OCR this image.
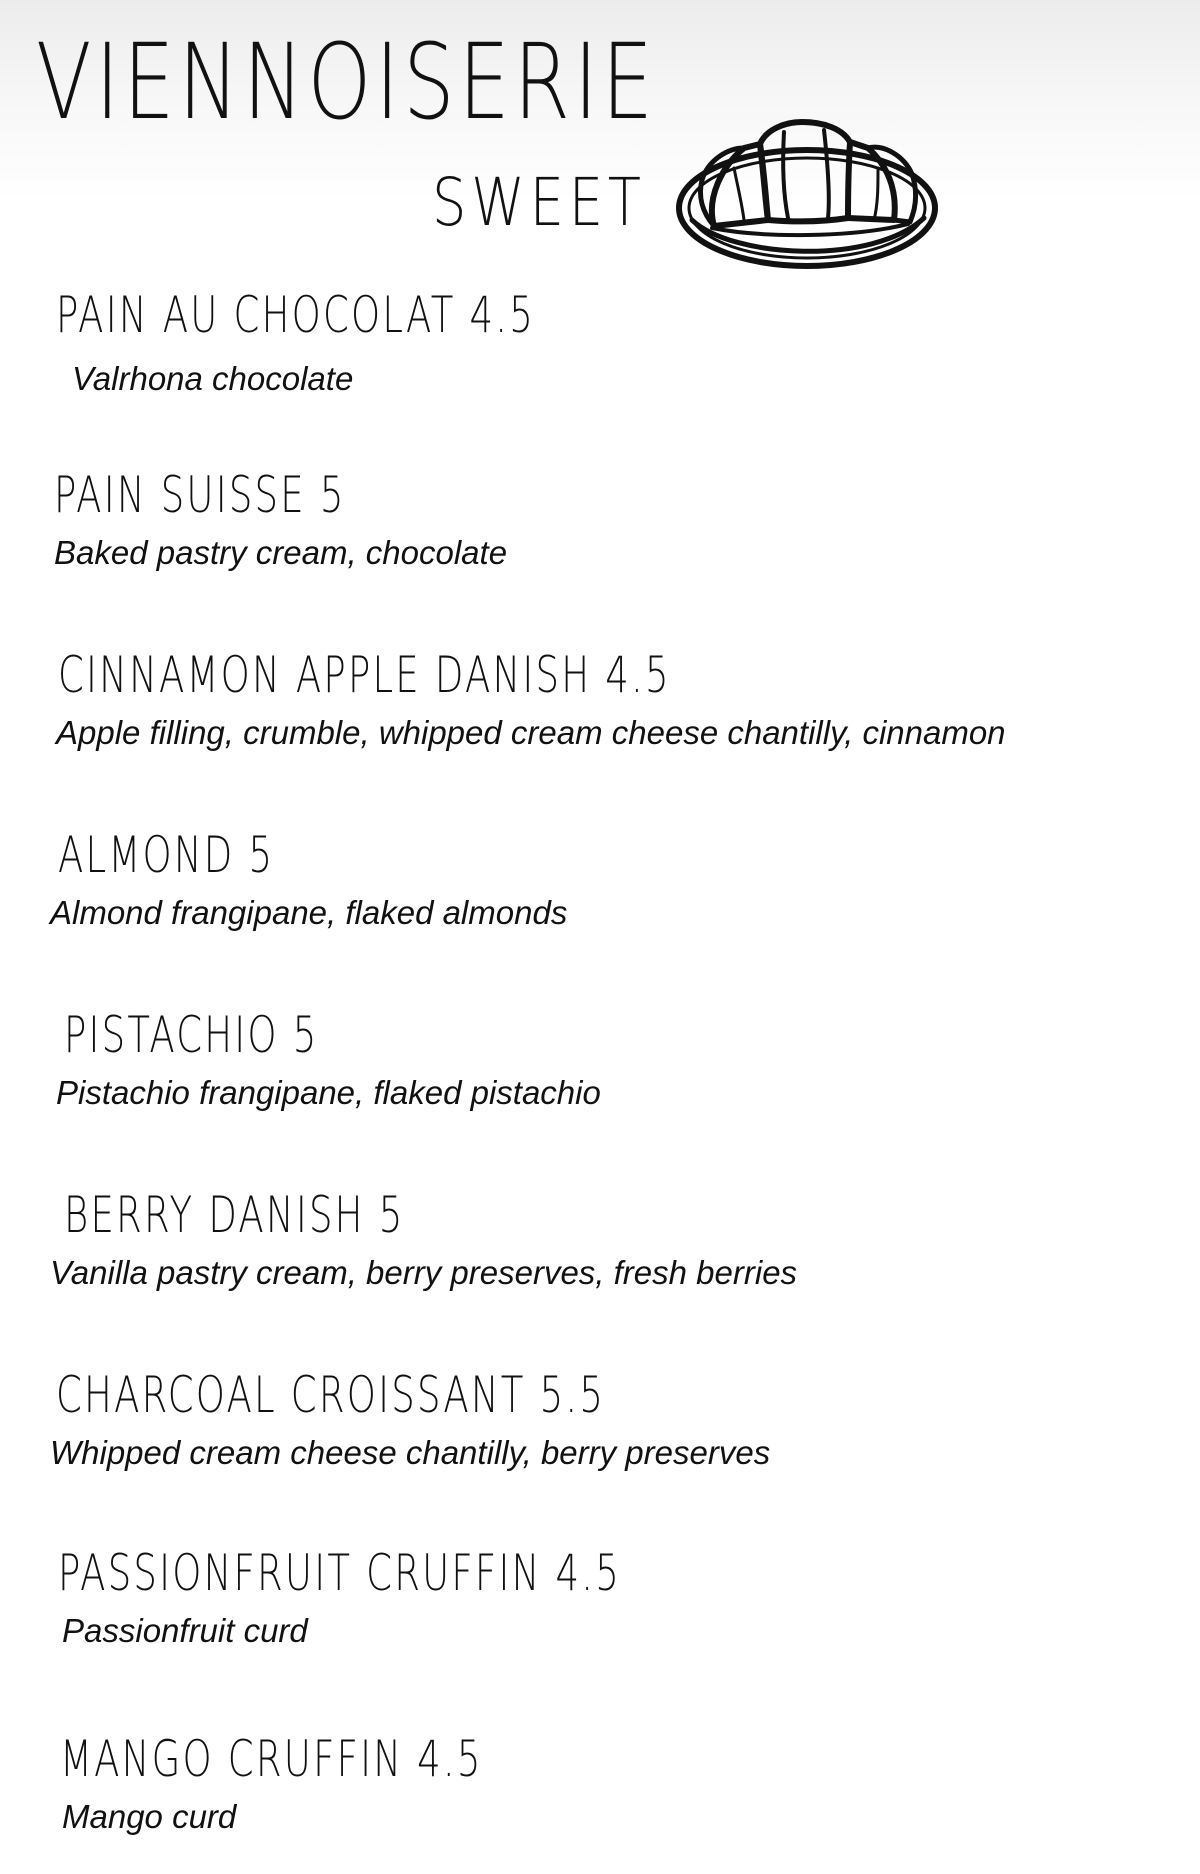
VIENNOISERIE
SWEET
PAIN AU CHOCOLAT 4.5
Valrhona chocolate
PAIN SUISSE 5
Baked pastry cream, chocolate
CINNAMON APPLE DANISH 4.5
Apple filling, crumble, whipped cream cheese chantilly, cinnamon
ALMOND 5
Almond frangipane, flaked almonds
PISTACHIO 5
Pistachio frangipane, flaked pistachio
BERRY DANISH 5
Vanilla pastry cream, berry preserves, fresh berries
CHARCOAL CROISSANT 5.5
Whipped cream cheese chantilly, berry preserves
PASSIONFRUIT CRUFFIN 4.5
Passionfruit curd
MANGO CRUFFIN 4.5
Mango curd
